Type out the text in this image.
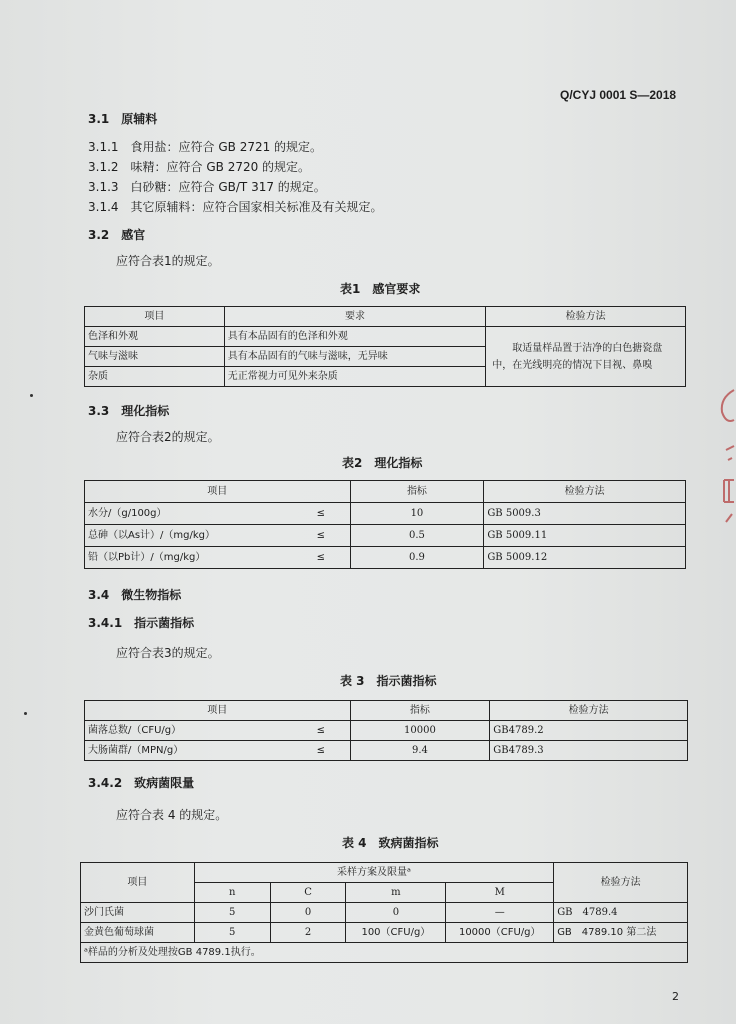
Q/CYJ 0001 S—2018
3.1　原辅料
3.1.1　食用盐：应符合 GB 2721 的规定。
3.1.2　味精：应符合 GB 2720 的规定。
3.1.3　白砂糖：应符合 GB/T 317 的规定。
3.1.4　其它原辅料：应符合国家相关标准及有关规定。
3.2　感官
应符合表1的规定。
表1　感官要求
项目	要求	检验方法
色泽和外观	具有本品固有的色泽和外观	取适量样品置于洁净的白色搪瓷盘中，在光线明亮的情况下目视、鼻嗅
气味与滋味	具有本品固有的气味与滋味，无异味	
杂质	无正常视力可见外来杂质	
3.3　理化指标
应符合表2的规定。
表2　理化指标
项目		指标	检验方法
水分/（g/100g）	≤	10	GB 5009.3
总砷（以As计）/（mg/kg）	≤	0.5	GB 5009.11
铅（以Pb计）/（mg/kg）	≤	0.9	GB 5009.12
3.4　微生物指标
3.4.1　指示菌指标
应符合表3的规定。
表 3　指示菌指标
项目		指标	检验方法
菌落总数/（CFU/g）	≤	10000	GB4789.2
大肠菌群/（MPN/g）	≤	9.4	GB4789.3
3.4.2　致病菌限量
应符合表 4 的规定。
表 4　致病菌指标
项目	采样方案及限量ᵃ				检验方法
	n	C	m	M	
沙门氏菌	5	0	0	—	GB　4789.4
金黄色葡萄球菌	5	2	100（CFU/g）	10000（CFU/g）	GB　4789.10 第二法
ᵃ样品的分析及处理按GB 4789.1执行。					
2
